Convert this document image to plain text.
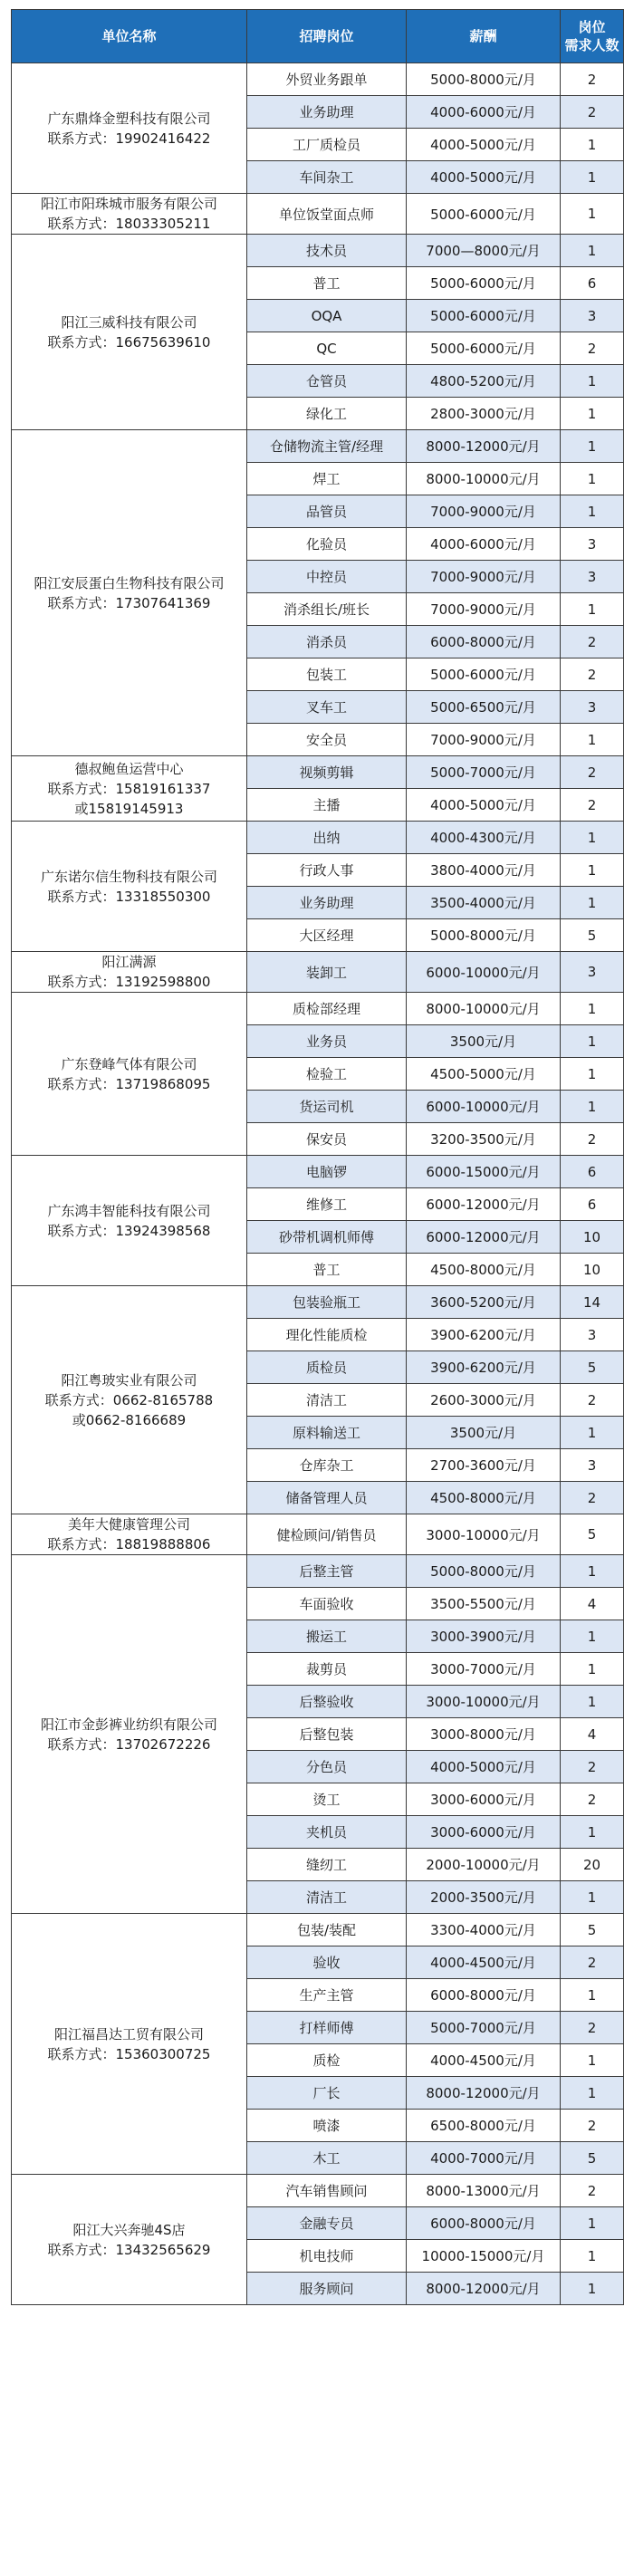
单位名称	招聘岗位	薪酬	岗位
需求人数

广东鼎烽金塑科技有限公司
联系方式：19902416422	外贸业务跟单	5000-8000元/月	2
	业务助理	4000-6000元/月	2
	工厂质检员	4000-5000元/月	1
	车间杂工	4000-5000元/月	1

阳江市阳珠城市服务有限公司
联系方式：18033305211	单位饭堂面点师	5000-6000元/月	1

阳江三威科技有限公司
联系方式：16675639610	技术员	7000—8000元/月	1
	普工	5000-6000元/月	6
	OQA	5000-6000元/月	3
	QC	5000-6000元/月	2
	仓管员	4800-5200元/月	1
	绿化工	2800-3000元/月	1

阳江安辰蛋白生物科技有限公司
联系方式：17307641369	仓储物流主管/经理	8000-12000元/月	1
	焊工	8000-10000元/月	1
	品管员	7000-9000元/月	1
	化验员	4000-6000元/月	3
	中控员	7000-9000元/月	3
	消杀组长/班长	7000-9000元/月	1
	消杀员	6000-8000元/月	2
	包装工	5000-6000元/月	2
	叉车工	5000-6500元/月	3
	安全员	7000-9000元/月	1

德叔鲍鱼运营中心
联系方式：15819161337
或15819145913	视频剪辑	5000-7000元/月	2
	主播	4000-5000元/月	2

广东诺尔信生物科技有限公司
联系方式：13318550300	出纳	4000-4300元/月	1
	行政人事	3800-4000元/月	1
	业务助理	3500-4000元/月	1
	大区经理	5000-8000元/月	5

阳江满源
联系方式：13192598800	装卸工	6000-10000元/月	3

广东登峰气体有限公司
联系方式：13719868095	质检部经理	8000-10000元/月	1
	业务员	3500元/月	1
	检验工	4500-5000元/月	1
	货运司机	6000-10000元/月	1
	保安员	3200-3500元/月	2

广东鸿丰智能科技有限公司
联系方式：13924398568	电脑锣	6000-15000元/月	6
	维修工	6000-12000元/月	6
	砂带机调机师傅	6000-12000元/月	10
	普工	4500-8000元/月	10

阳江粤玻实业有限公司
联系方式：0662-8165788
或0662-8166689	包装验瓶工	3600-5200元/月	14
	理化性能质检	3900-6200元/月	3
	质检员	3900-6200元/月	5
	清洁工	2600-3000元/月	2
	原料输送工	3500元/月	1
	仓库杂工	2700-3600元/月	3
	储备管理人员	4500-8000元/月	2

美年大健康管理公司
联系方式：18819888806	健检顾问/销售员	3000-10000元/月	5

阳江市金彭裤业纺织有限公司
联系方式：13702672226	后整主管	5000-8000元/月	1
	车面验收	3500-5500元/月	4
	搬运工	3000-3900元/月	1
	裁剪员	3000-7000元/月	1
	后整验收	3000-10000元/月	1
	后整包装	3000-8000元/月	4
	分色员	4000-5000元/月	2
	烫工	3000-6000元/月	2
	夹机员	3000-6000元/月	1
	缝纫工	2000-10000元/月	20
	清洁工	2000-3500元/月	1

阳江福昌达工贸有限公司
联系方式：15360300725	包装/装配	3300-4000元/月	5
	验收	4000-4500元/月	2
	生产主管	6000-8000元/月	1
	打样师傅	5000-7000元/月	2
	质检	4000-4500元/月	1
	厂长	8000-12000元/月	1
	喷漆	6500-8000元/月	2
	木工	4000-7000元/月	5

阳江大兴奔驰4S店
联系方式：13432565629	汽车销售顾问	8000-13000元/月	2
	金融专员	6000-8000元/月	1
	机电技师	10000-15000元/月	1
	服务顾问	8000-12000元/月	1
